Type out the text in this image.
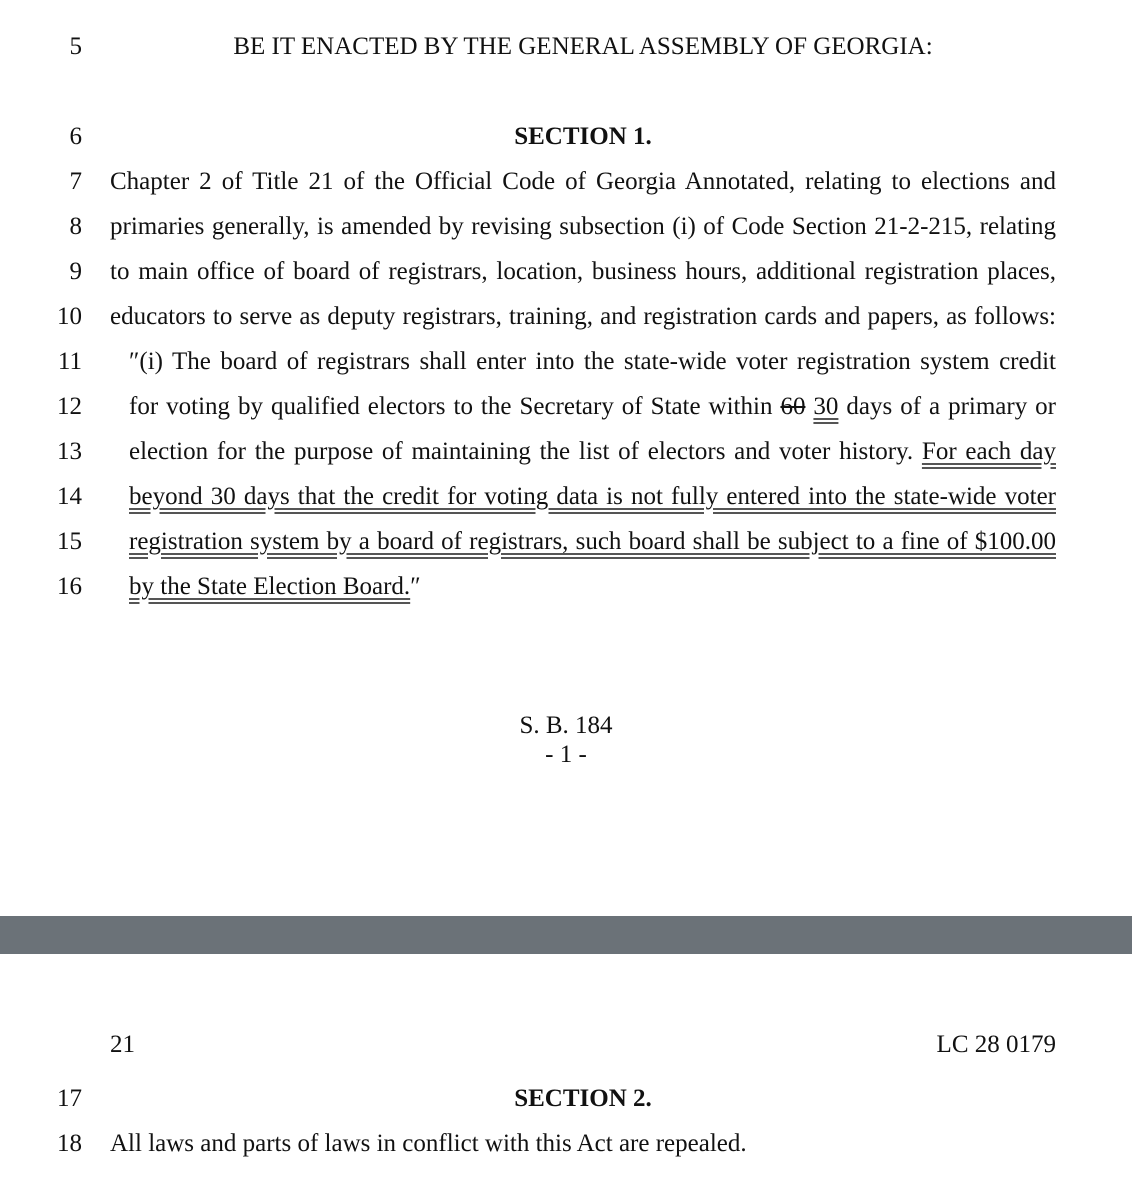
5	BE IT ENACTED BY THE GENERAL ASSEMBLY OF GEORGIA:
6	SECTION 1.
7 Chapter 2 of Title 21 of the Official Code of Georgia Annotated, relating to elections and
8 primaries generally, is amended by revising subsection (i) of Code Section 21-2-215, relating
9 to main office of board of registrars, location, business hours, additional registration places,
10 educators to serve as deputy registrars, training, and registration cards and papers, as follows:
11 ″(i) The board of registrars shall enter into the state-wide voter registration system credit
12 for voting by qualified electors to the Secretary of State within 60 30 days of a primary or
13 election for the purpose of maintaining the list of electors and voter history. For each day
14 beyond 30 days that the credit for voting data is not fully entered into the state-wide voter
15 registration system by a board of registrars, such board shall be subject to a fine of $100.00
16 by the State Election Board.″
S. B. 184
- 1 -
21	LC 28 0179
17	SECTION 2.
18 All laws and parts of laws in conflict with this Act are repealed.
